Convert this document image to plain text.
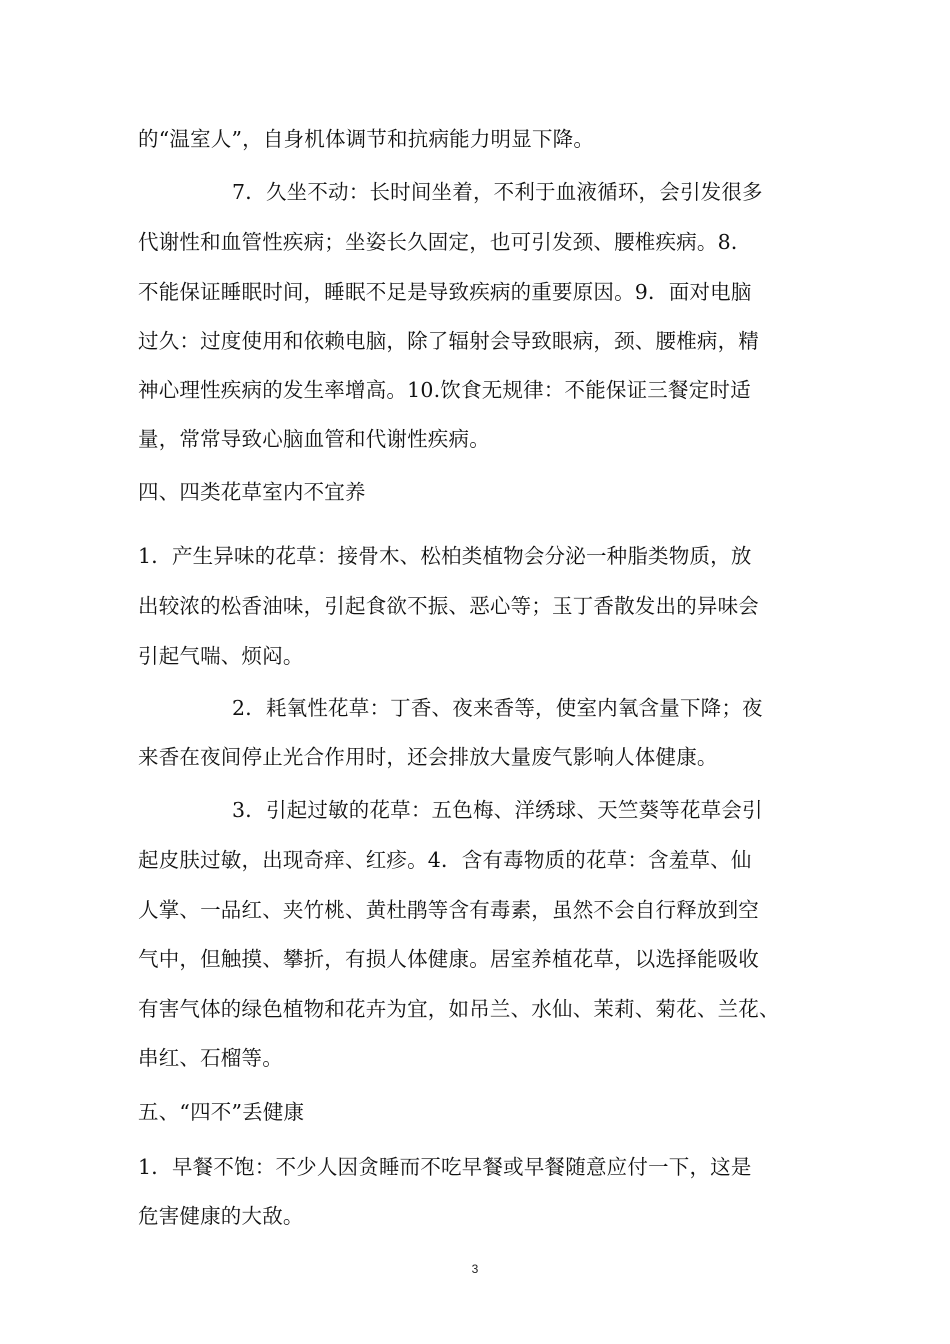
的“温室人”，自身机体调节和抗病能力明显下降。
7．久坐不动：长时间坐着，不利于血液循环，会引发很多
代谢性和血管性疾病；坐姿长久固定，也可引发颈、腰椎疾病。8．
不能保证睡眠时间，睡眠不足是导致疾病的重要原因。9．面对电脑
过久：过度使用和依赖电脑，除了辐射会导致眼病，颈、腰椎病，精
神心理性疾病的发生率增高。10.饮食无规律：不能保证三餐定时适
量，常常导致心脑血管和代谢性疾病。
四、四类花草室内不宜养
1．产生异味的花草：接骨木、松柏类植物会分泌一种脂类物质，放
出较浓的松香油味，引起食欲不振、恶心等；玉丁香散发出的异味会
引起气喘、烦闷。
2．耗氧性花草：丁香、夜来香等，使室内氧含量下降；夜
来香在夜间停止光合作用时，还会排放大量废气影响人体健康。
3．引起过敏的花草：五色梅、洋绣球、天竺葵等花草会引
起皮肤过敏，出现奇痒、红疹。4．含有毒物质的花草：含羞草、仙
人掌、一品红、夹竹桃、黄杜鹃等含有毒素，虽然不会自行释放到空
气中，但触摸、攀折，有损人体健康。居室养植花草，以选择能吸收
有害气体的绿色植物和花卉为宜，如吊兰、水仙、茉莉、菊花、兰花、
串红、石榴等。
五、“四不”丢健康
1．早餐不饱：不少人因贪睡而不吃早餐或早餐随意应付一下，这是
危害健康的大敌。
3
